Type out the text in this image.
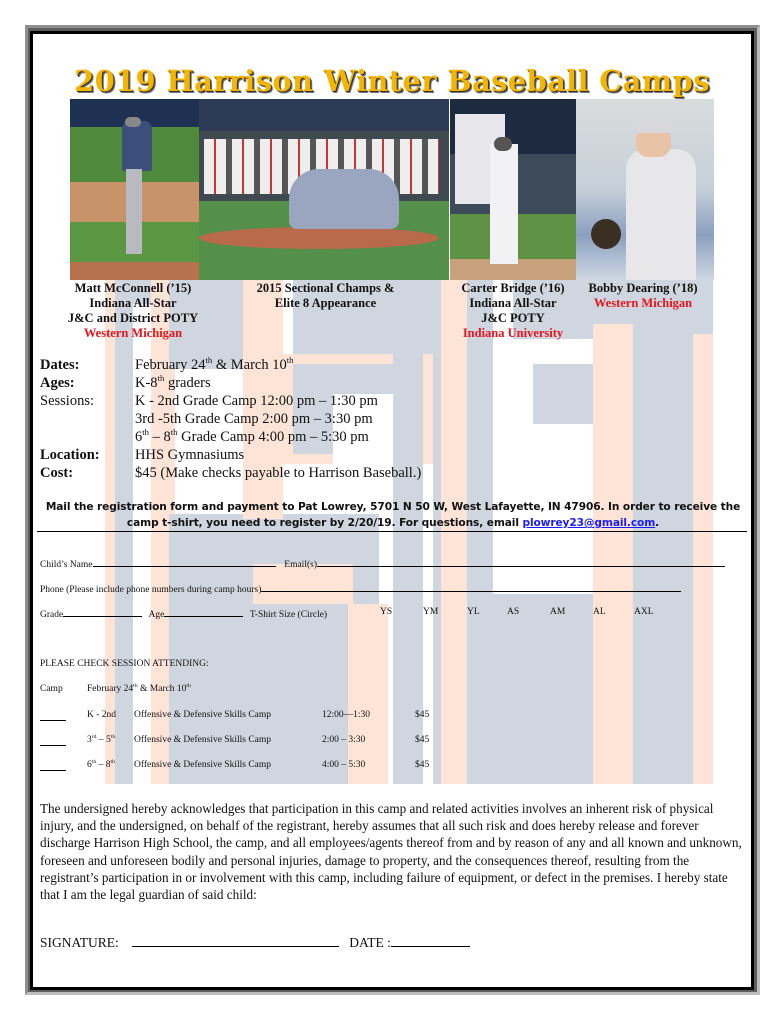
2019 Harrison Winter Baseball Camps
Matt McConnell (’15)
Indiana All-Star
J&C and District POTY
Western Michigan
2015 Sectional Champs &
Elite 8 Appearance
Carter Bridge (’16)
Indiana All-Star
J&C POTY
Indiana University
Bobby Dearing (’18)
Western Michigan
Dates:	February 24th & March 10th
Ages:	K-8th graders
Sessions:	K - 2nd Grade Camp 12:00 pm – 1:30 pm
3rd -5th Grade Camp 2:00 pm – 3:30 pm
6th – 8th Grade Camp 4:00 pm – 5:30 pm
Location:	HHS Gymnasiums
Cost:	$45 (Make checks payable to Harrison Baseball.)
Mail the registration form and payment to Pat Lowrey, 5701 N 50 W, West Lafayette, IN 47906. In order to receive the
camp t-shirt, you need to register by 2/20/19. For questions, email plowrey23@gmail.com.
Child’s Name	Email(s)
Phone (Please include phone numbers during camp hours)
Grade	Age	T-Shirt Size (Circle)	YS	YM	YL	AS	AM	AL	AXL
PLEASE CHECK SESSION ATTENDING:
Camp	February 24th & March 10th
K - 2nd Offensive & Defensive Skills Camp	12:00—1:30	$45
3rd – 5th Offensive & Defensive Skills Camp	2:00 – 3:30	$45
6th – 8th Offensive & Defensive Skills Camp	4:00 – 5:30	$45
The undersigned hereby acknowledges that participation in this camp and related activities involves an inherent risk of physical injury, and the undersigned, on behalf of the registrant, hereby assumes that all such risk and does hereby release and forever discharge Harrison High School, the camp, and all employees/agents thereof from and by reason of any and all known and unknown, foreseen and unforeseen bodily and personal injuries, damage to property, and the consequences thereof, resulting from the registrant’s participation in or involvement with this camp, including failure of equipment, or defect in the premises. I hereby state that I am the legal guardian of said child:
SIGNATURE:	DATE :
